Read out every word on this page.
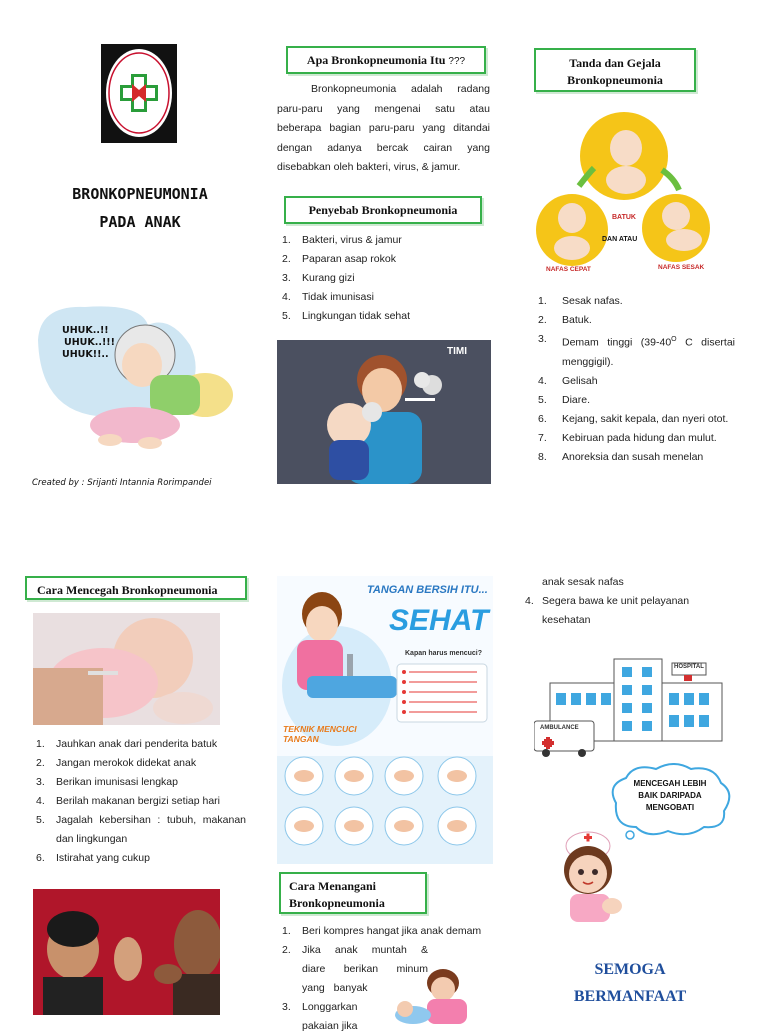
BRONKOPNEUMONIA
PADA ANAK
UHUK..!!
UHUK..!!!
UHUK!!..
Created by : Srijanti Intannia Rorimpandei
Apa Bronkopneumonia Itu ???
Bronkopneumonia adalah radang paru-paru yang mengenai satu atau beberapa bagian paru-paru yang ditandai dengan adanya bercak cairan yang disebabkan oleh bakteri, virus, & jamur.
Penyebab Bronkopneumonia
1. Bakteri, virus & jamur
2. Paparan asap rokok
3. Kurang gizi
4. Tidak imunisasi
5. Lingkungan tidak sehat
TIMI
Tanda dan Gejala
Bronkopneumonia
BATUK
DAN ATAU
NAFAS CEPAT	NAFAS SESAK
1. Sesak nafas.
2. Batuk.
3. Demam tinggi ($39-40^O$ C disertai menggigil).
4. Gelisah
5. Diare.
6. Kejang, sakit kepala, dan nyeri otot.
7. Kebiruan pada hidung dan mulut.
8. Anoreksia dan susah menelan
Cara Mencegah Bronkopneumonia
1. Jauhkan anak dari penderita batuk
2. Jangan merokok didekat anak
3. Berikan imunisasi lengkap
4. Berilah makanan bergizi setiap hari
5. Jagalah kebersihan : tubuh, makanan dan lingkungan
6. Istirahat yang cukup
TANGAN BERSIH ITU...
SEHAT
Kapan harus mencuci?
TEKNIK MENCUCI TANGAN
Cara Menangani
Bronkopneumonia
1. Beri kompres hangat jika anak demam
2. Jika anak muntah & diare berikan minum yang banyak
3. Longgarkan pakaian jika
anak sesak nafas
4. Segera bawa ke unit pelayanan kesehatan
HOSPITAL
AMBULANCE
MENCEGAH LEBIH
BAIK DARIPADA
MENGOBATI
SEMOGA
BERMANFAAT
